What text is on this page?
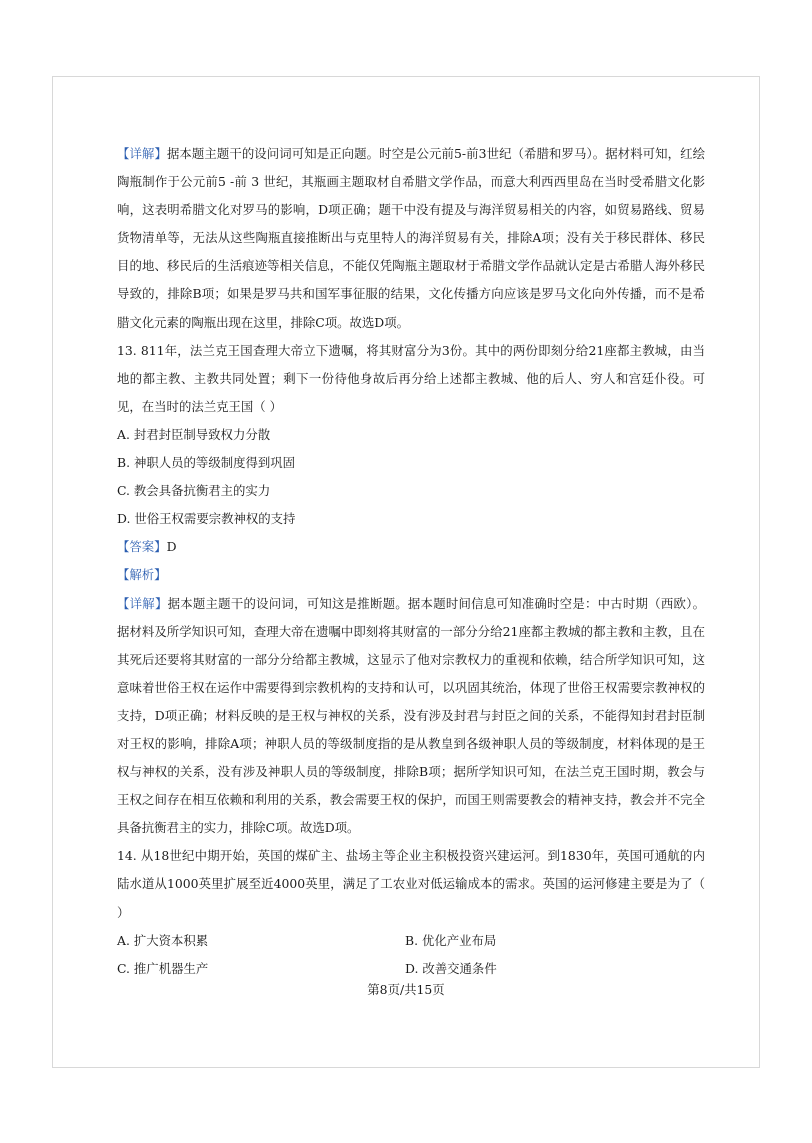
【详解】据本题主题干的设问词可知是正向题。时空是公元前5-前3世纪（希腊和罗马）。据材料可知，红绘陶瓶制作于公元前5 -前 3 世纪，其瓶画主题取材自希腊文学作品，而意大利西西里岛在当时受希腊文化影响，这表明希腊文化对罗马的影响，D项正确；题干中没有提及与海洋贸易相关的内容，如贸易路线、贸易货物清单等，无法从这些陶瓶直接推断出与克里特人的海洋贸易有关，排除A项；没有关于移民群体、移民目的地、移民后的生活痕迹等相关信息，不能仅凭陶瓶主题取材于希腊文学作品就认定是古希腊人海外移民导致的，排除B项；如果是罗马共和国军事征服的结果，文化传播方向应该是罗马文化向外传播，而不是希腊文化元素的陶瓶出现在这里，排除C项。故选D项。

13. 811年，法兰克王国查理大帝立下遗嘱，将其财富分为3份。其中的两份即刻分给21座都主教城，由当地的都主教、主教共同处置；剩下一份待他身故后再分给上述都主教城、他的后人、穷人和宫廷仆役。可见，在当时的法兰克王国（ ）

A. 封君封臣制导致权力分散

B. 神职人员的等级制度得到巩固

C. 教会具备抗衡君主的实力

D. 世俗王权需要宗教神权的支持

【答案】D

【解析】

【详解】据本题主题干的设问词，可知这是推断题。据本题时间信息可知准确时空是：中古时期（西欧）。据材料及所学知识可知，查理大帝在遗嘱中即刻将其财富的一部分分给21座都主教城的都主教和主教，且在其死后还要将其财富的一部分分给都主教城，这显示了他对宗教权力的重视和依赖，结合所学知识可知，这意味着世俗王权在运作中需要得到宗教机构的支持和认可，以巩固其统治，体现了世俗王权需要宗教神权的支持，D项正确；材料反映的是王权与神权的关系，没有涉及封君与封臣之间的关系，不能得知封君封臣制对王权的影响，排除A项；神职人员的等级制度指的是从教皇到各级神职人员的等级制度，材料体现的是王权与神权的关系，没有涉及神职人员的等级制度，排除B项；据所学知识可知，在法兰克王国时期，教会与王权之间存在相互依赖和利用的关系，教会需要王权的保护，而国王则需要教会的精神支持，教会并不完全具备抗衡君主的实力，排除C项。故选D项。

14. 从18世纪中期开始，英国的煤矿主、盐场主等企业主积极投资兴建运河。到1830年，英国可通航的内陆水道从1000英里扩展至近4000英里，满足了工农业对低运输成本的需求。英国的运河修建主要是为了（ ）

A. 扩大资本积累	B. 优化产业布局

C. 推广机器生产	D. 改善交通条件

第8页/共15页
